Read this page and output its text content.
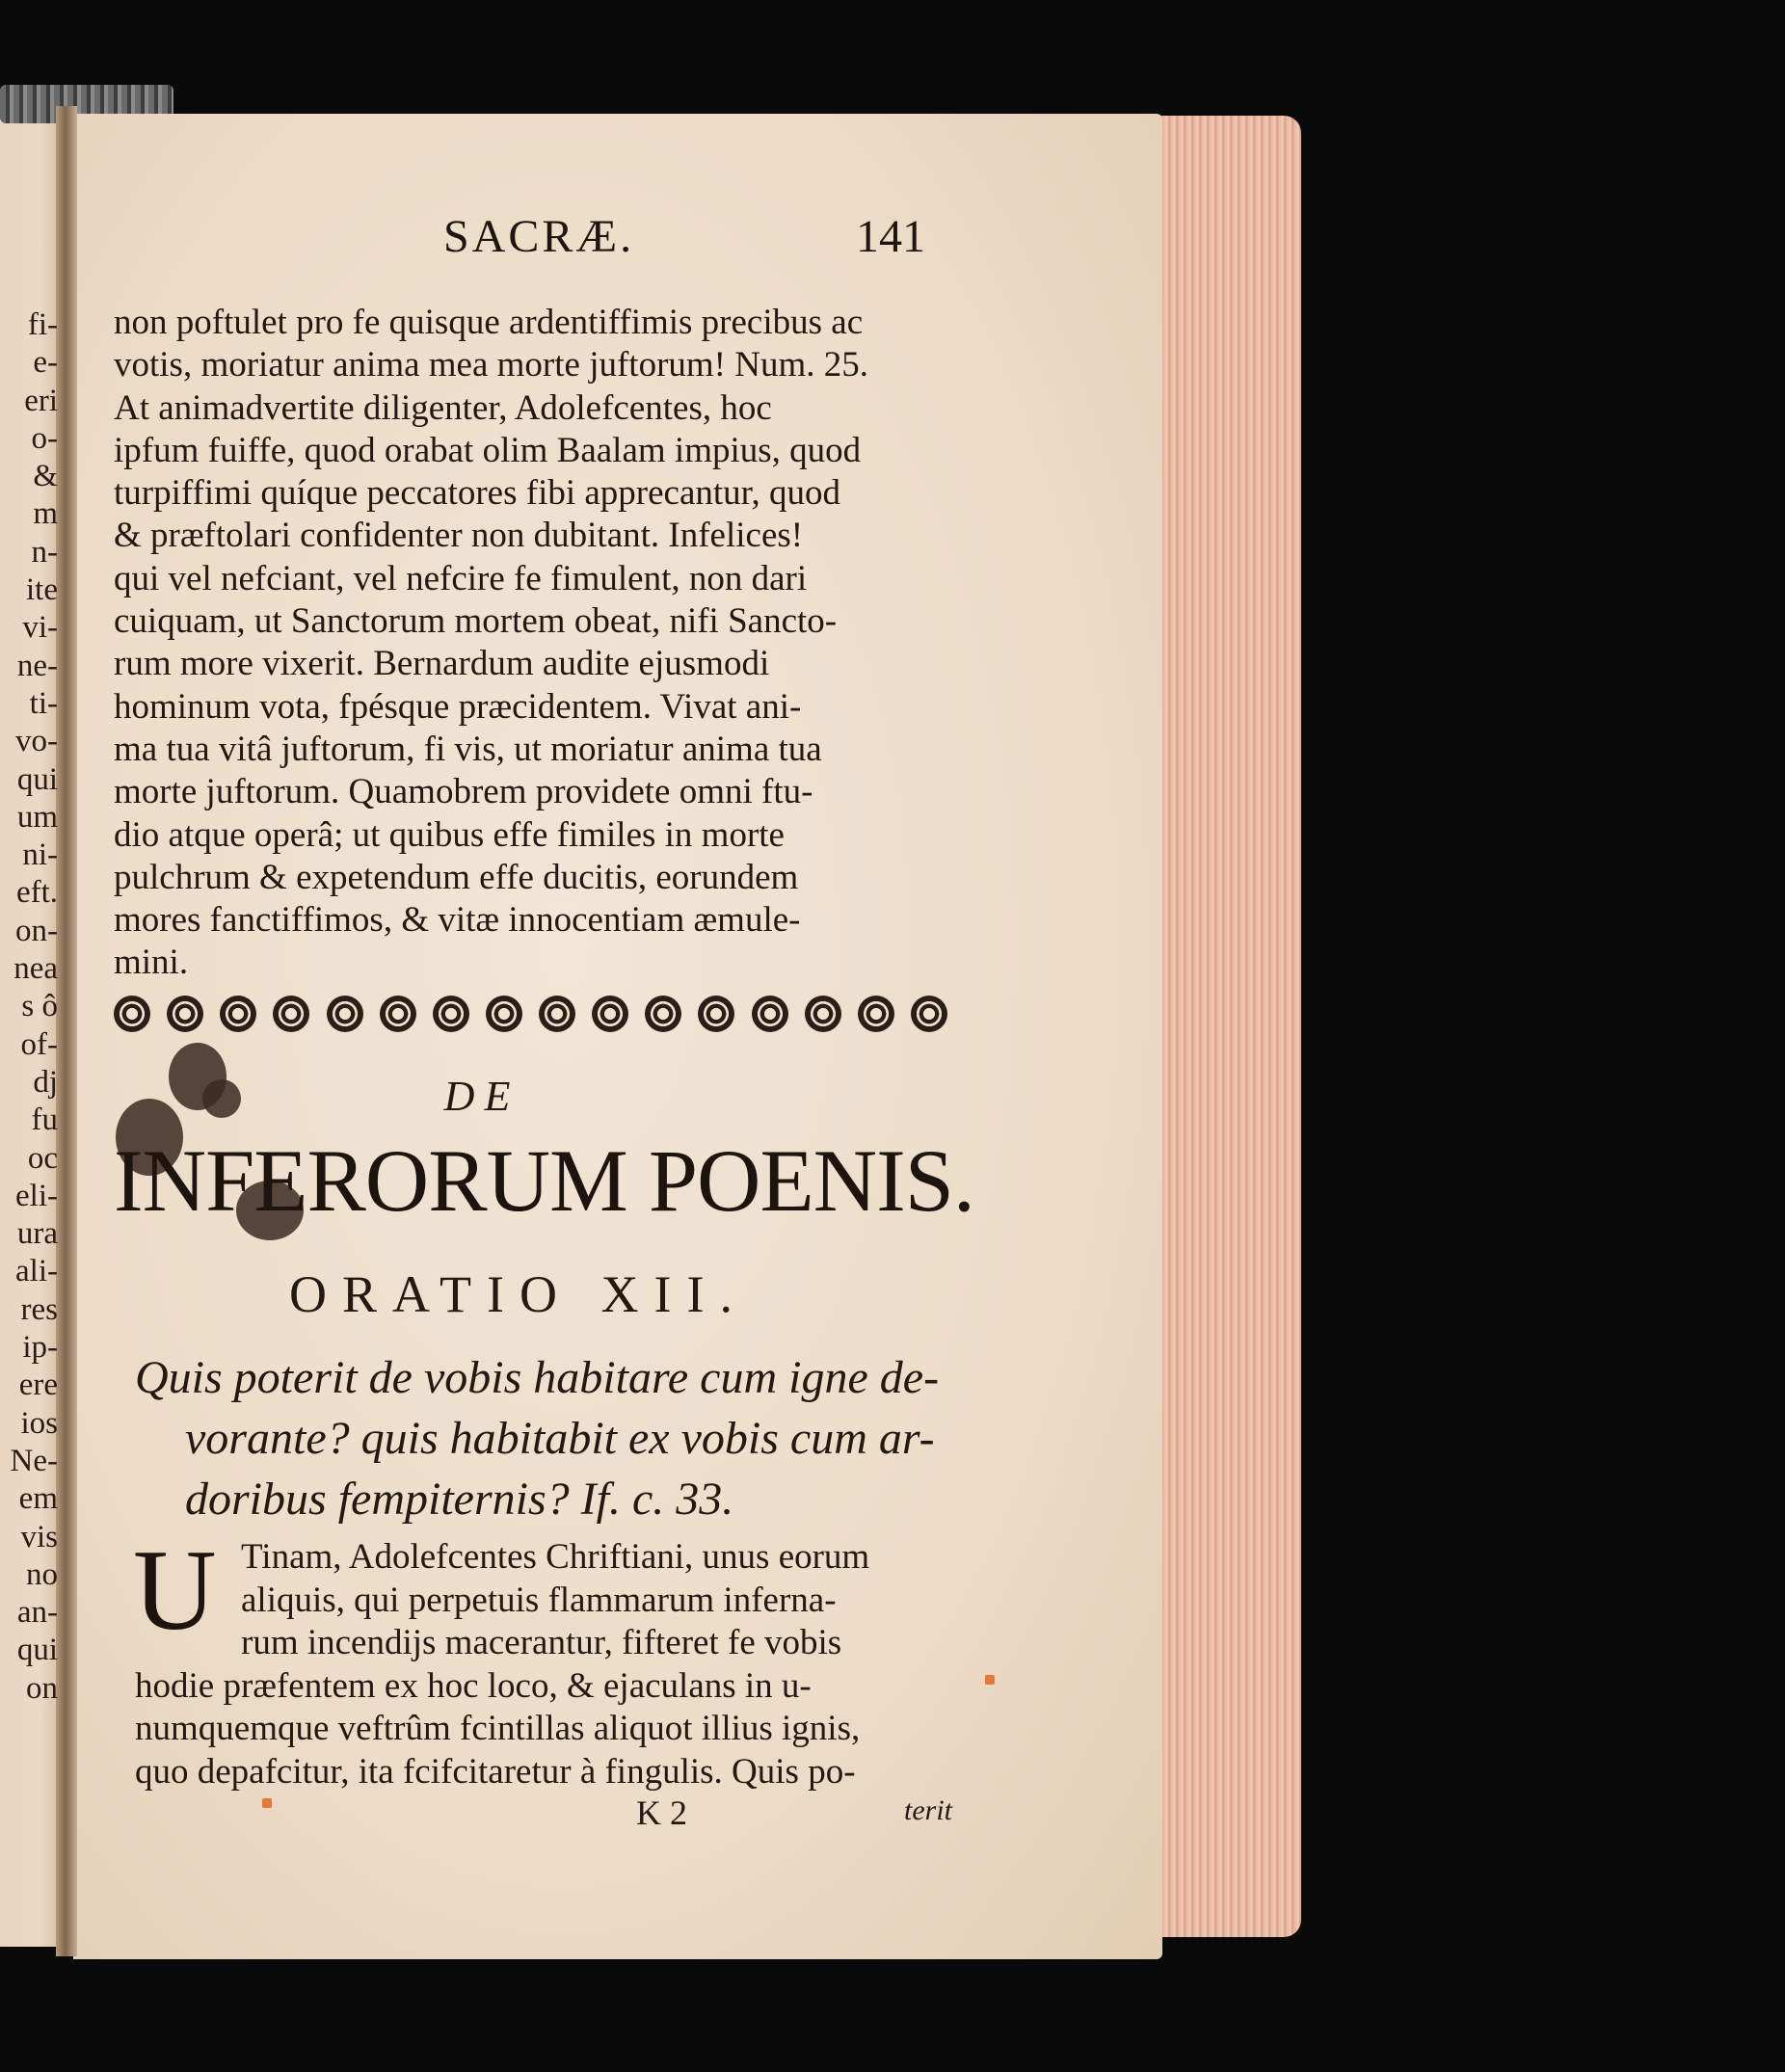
fi-
e-
eri
o-
&
m
n-
ite
vi-
ne-
ti-
vo-
qui
um
ni-
eft.
on-
nea
s ô
of-
dj
fu
oc
eli-
ura
ali-
res
ip-
ere
ios
Ne-
em
vis
no
an-
qui
on
SACRÆ.	141
non poftulet pro fe quisque ardentiffimis precibus ac
votis, moriatur anima mea morte juftorum! Num. 25.
At animadvertite diligenter, Adolefcentes, hoc
ipfum fuiffe, quod orabat olim Baalam impius, quod
turpiffimi quíque peccatores fibi apprecantur, quod
& præftolari confidenter non dubitant. Infelices!
qui vel nefciant, vel nefcire fe fimulent, non dari
cuiquam, ut Sanctorum mortem obeat, nifi Sancto-
rum more vixerit. Bernardum audite ejusmodi
hominum vota, fpésque præcidentem. Vivat ani-
ma tua vitâ juftorum, fi vis, ut moriatur anima tua
morte juftorum. Quamobrem providete omni ftu-
dio atque operâ; ut quibus effe fimiles in morte
pulchrum & expetendum effe ducitis, eorundem
mores fanctiffimos, & vitæ innocentiam æmule-
mini.
DE
INFERORUM POENIS.
ORATIO XII.
Quis poterit de vobis habitare cum igne de-
vorante? quis habitabit ex vobis cum ar-
doribus fempiternis? If. c. 33.
U Tinam, Adolefcentes Chriftiani, unus eorum
aliquis, qui perpetuis flammarum inferna-
rum incendijs macerantur, fifteret fe vobis
hodie præfentem ex hoc loco, & ejaculans in u-
numquemque veftrûm fcintillas aliquot illius ignis,
quo depafcitur, ita fcifcitaretur à fingulis. Quis po-
K 2	terit
